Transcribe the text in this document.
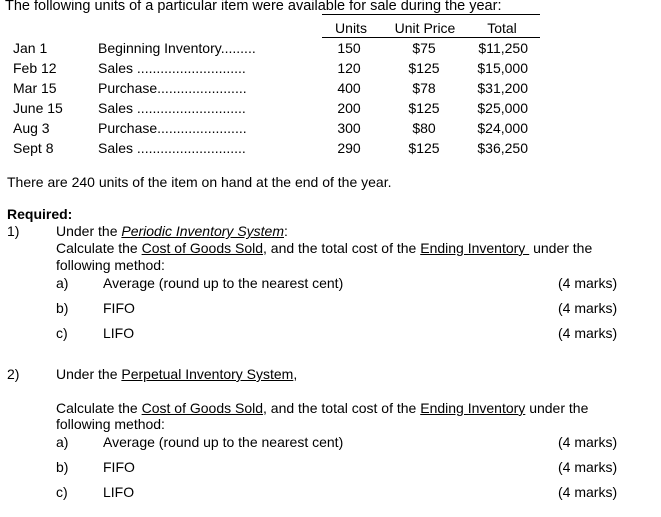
The following units of a particular item were available for sale during the year:
Units	Unit Price	Total
Jan 1	Beginning Inventory.........	150	$75	$11,250
Feb 12	Sales ............................	120	$125	$15,000
Mar 15	Purchase.......................	400	$78	$31,200
June 15	Sales ............................	200	$125	$25,000
Aug 3	Purchase.......................	300	$80	$24,000
Sept 8	Sales ............................	290	$125	$36,250
There are 240 units of the item on hand at the end of the year.
Required:
1)	Under the Periodic Inventory System:
Calculate the Cost of Goods Sold, and the total cost of the Ending Inventory  under the
following method:
a) Average (round up to the nearest cent)	(4 marks)
b) FIFO	(4 marks)
c)	LIFO	(4 marks)
2)	Under the Perpetual Inventory System,
Calculate the Cost of Goods Sold, and the total cost of the Ending Inventory under the
following method:
a) Average (round up to the nearest cent)	(4 marks)
b) FIFO	(4 marks)
c)	LIFO	(4 marks)
